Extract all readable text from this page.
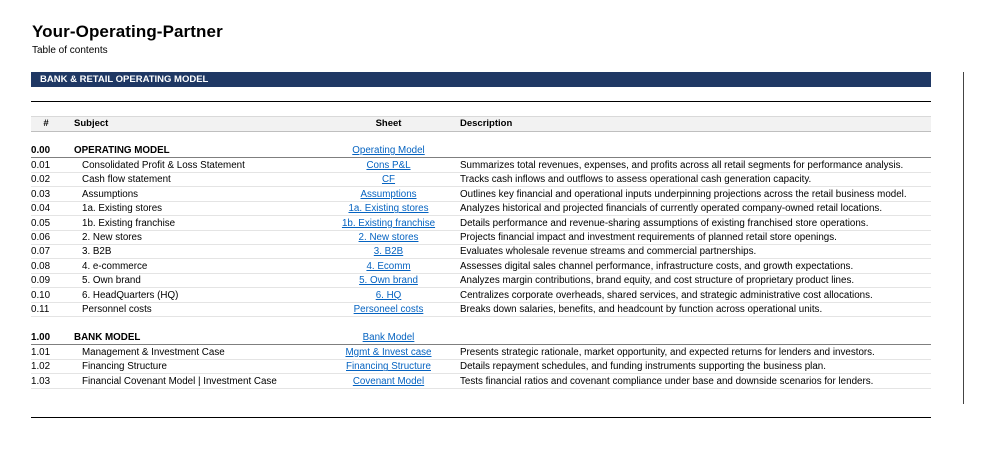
Your-Operating-Partner
Table of contents
BANK & RETAIL OPERATING MODEL
#	Subject	Sheet	Description
0.00 OPERATING MODEL	Operating Model
0.01	Consolidated Profit & Loss Statement	Cons P&L	Summarizes total revenues, expenses, and profits across all retail segments for performance analysis.
0.02	Cash flow statement	CF	Tracks cash inflows and outflows to assess operational cash generation capacity.
0.03	Assumptions	Assumptions	Outlines key financial and operational inputs underpinning projections across the retail business model.
0.04	1a. Existing stores	1a. Existing stores	Analyzes historical and projected financials of currently operated company-owned retail locations.
0.05	1b. Existing franchise	1b. Existing franchise	Details performance and revenue-sharing assumptions of existing franchised store operations.
0.06	2. New stores	2. New stores	Projects financial impact and investment requirements of planned retail store openings.
0.07	3. B2B	3. B2B	Evaluates wholesale revenue streams and commercial partnerships.
0.08	4. e-commerce	4. Ecomm	Assesses digital sales channel performance, infrastructure costs, and growth expectations.
0.09	5. Own brand	5. Own brand	Analyzes margin contributions, brand equity, and cost structure of proprietary product lines.
0.10	6. HeadQuarters (HQ)	6. HQ	Centralizes corporate overheads, shared services, and strategic administrative cost allocations.
0.11	Personnel costs	Personeel costs	Breaks down salaries, benefits, and headcount by function across operational units.
1.00 BANK MODEL	Bank Model
1.01	Management & Investment Case	Mgmt & Invest case	Presents strategic rationale, market opportunity, and expected returns for lenders and investors.
1.02	Financing Structure	Financing Structure	Details repayment schedules, and funding instruments supporting the business plan.
1.03	Financial Covenant Model | Investment Case	Covenant Model	Tests financial ratios and covenant compliance under base and downside scenarios for lenders.
